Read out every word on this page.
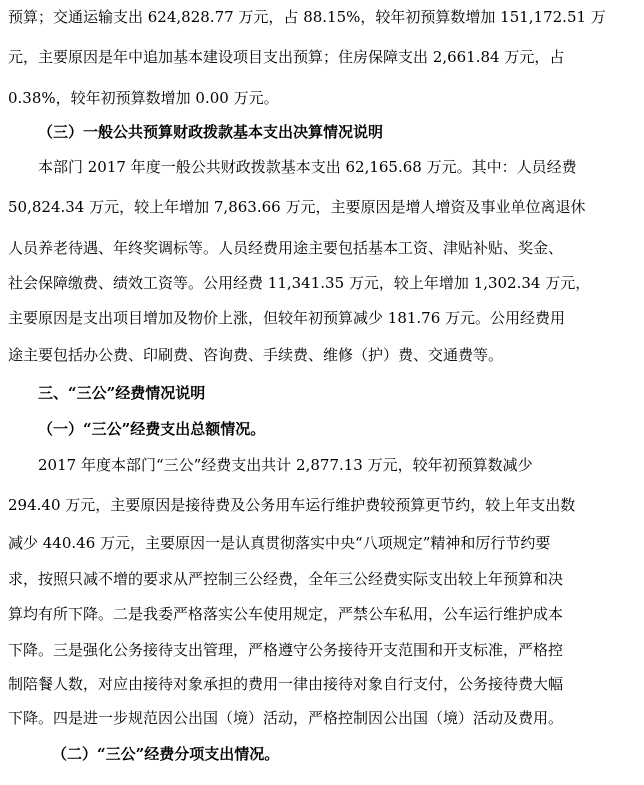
预算；交通运输支出 624,828.77 万元，占 88.15%，较年初预算数增加 151,172.51 万
元，主要原因是年中追加基本建设项目支出预算；住房保障支出 2,661.84 万元，占
0.38%，较年初预算数增加 0.00 万元。
（三）一般公共预算财政拨款基本支出决算情况说明
本部门 2017 年度一般公共财政拨款基本支出 62,165.68 万元。其中：人员经费
50,824.34 万元，较上年增加 7,863.66 万元，主要原因是增人增资及事业单位离退休
人员养老待遇、年终奖调标等。人员经费用途主要包括基本工资、津贴补贴、奖金、
社会保障缴费、绩效工资等。公用经费 11,341.35 万元，较上年增加 1,302.34 万元，
主要原因是支出项目增加及物价上涨，但较年初预算减少 181.76 万元。公用经费用
途主要包括办公费、印刷费、咨询费、手续费、维修（护）费、交通费等。
三、“三公”经费情况说明
（一）“三公”经费支出总额情况。
2017 年度本部门“三公”经费支出共计 2,877.13 万元，较年初预算数减少
294.40 万元，主要原因是接待费及公务用车运行维护费较预算更节约，较上年支出数
减少 440.46 万元，主要原因一是认真贯彻落实中央“八项规定”精神和厉行节约要
求，按照只减不增的要求从严控制三公经费，全年三公经费实际支出较上年预算和决
算均有所下降。二是我委严格落实公车使用规定，严禁公车私用，公车运行维护成本
下降。三是强化公务接待支出管理，严格遵守公务接待开支范围和开支标准，严格控
制陪餐人数，对应由接待对象承担的费用一律由接待对象自行支付，公务接待费大幅
下降。四是进一步规范因公出国（境）活动，严格控制因公出国（境）活动及费用。
（二）“三公”经费分项支出情况。
